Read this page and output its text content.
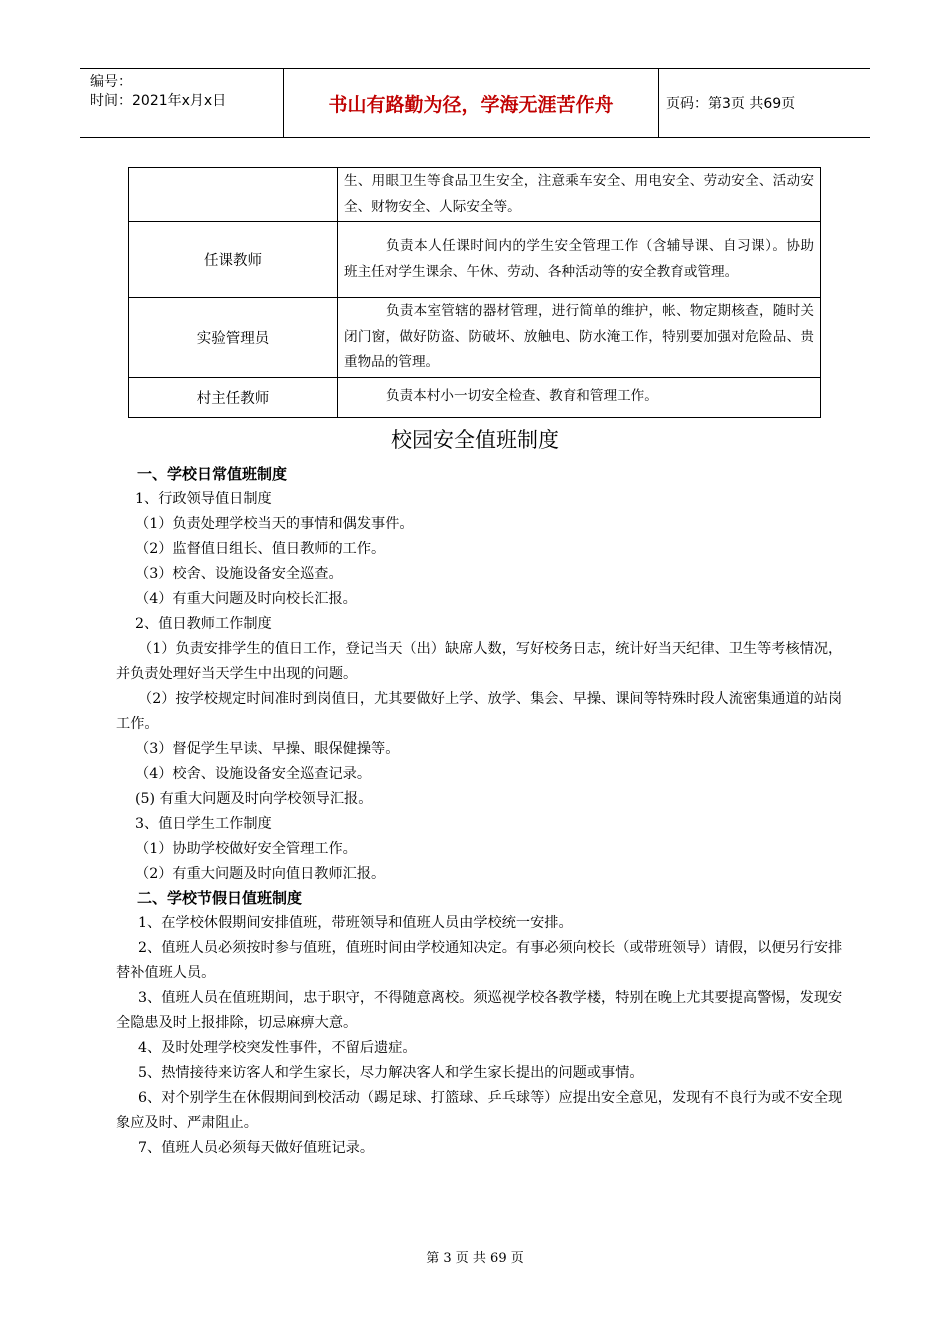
编号：
时间：2021年x月x日	书山有路勤为径，学海无涯苦作舟	页码：第3页 共69页
	生、用眼卫生等食品卫生安全，注意乘车安全、用电安全、劳动安全、活动安全、财物安全、人际安全等。
任课教师	负责本人任课时间内的学生安全管理工作（含辅导课、自习课）。协助班主任对学生课余、午休、劳动、各种活动等的安全教育或管理。
实验管理员	负责本室管辖的器材管理，进行简单的维护，帐、物定期核查，随时关闭门窗，做好防盗、防破坏、放触电、防水淹工作，特别要加强对危险品、贵重物品的管理。
村主任教师	负责本村小一切安全检查、教育和管理工作。
校园安全值班制度

一、学校日常值班制度

1、行政领导值日制度

（1）负责处理学校当天的事情和偶发事件。

（2）监督值日组长、值日教师的工作。

（3）校舍、设施设备安全巡查。

（4）有重大问题及时向校长汇报。

2、值日教师工作制度

（1）负责安排学生的值日工作，登记当天（出）缺席人数，写好校务日志，统计好当天纪律、卫生等考核情况，并负责处理好当天学生中出现的问题。

（2）按学校规定时间准时到岗值日，尤其要做好上学、放学、集会、早操、课间等特殊时段人流密集通道的站岗工作。

（3）督促学生早读、早操、眼保健操等。

（4）校舍、设施设备安全巡查记录。

(5) 有重大问题及时向学校领导汇报。

3、值日学生工作制度

（1）协助学校做好安全管理工作。

（2）有重大问题及时向值日教师汇报。

二、学校节假日值班制度

1、在学校休假期间安排值班，带班领导和值班人员由学校统一安排。

2、值班人员必须按时参与值班，值班时间由学校通知决定。有事必须向校长（或带班领导）请假，以便另行安排替补值班人员。

3、值班人员在值班期间，忠于职守，不得随意离校。须巡视学校各教学楼，特别在晚上尤其要提高警惕，发现安全隐患及时上报排除，切忌麻痹大意。

4、及时处理学校突发性事件，不留后遗症。

5、热情接待来访客人和学生家长，尽力解决客人和学生家长提出的问题或事情。

6、对个别学生在休假期间到校活动（踢足球、打篮球、乒乓球等）应提出安全意见，发现有不良行为或不安全现象应及时、严肃阻止。

7、值班人员必须每天做好值班记录。

第 3 页 共 69 页
